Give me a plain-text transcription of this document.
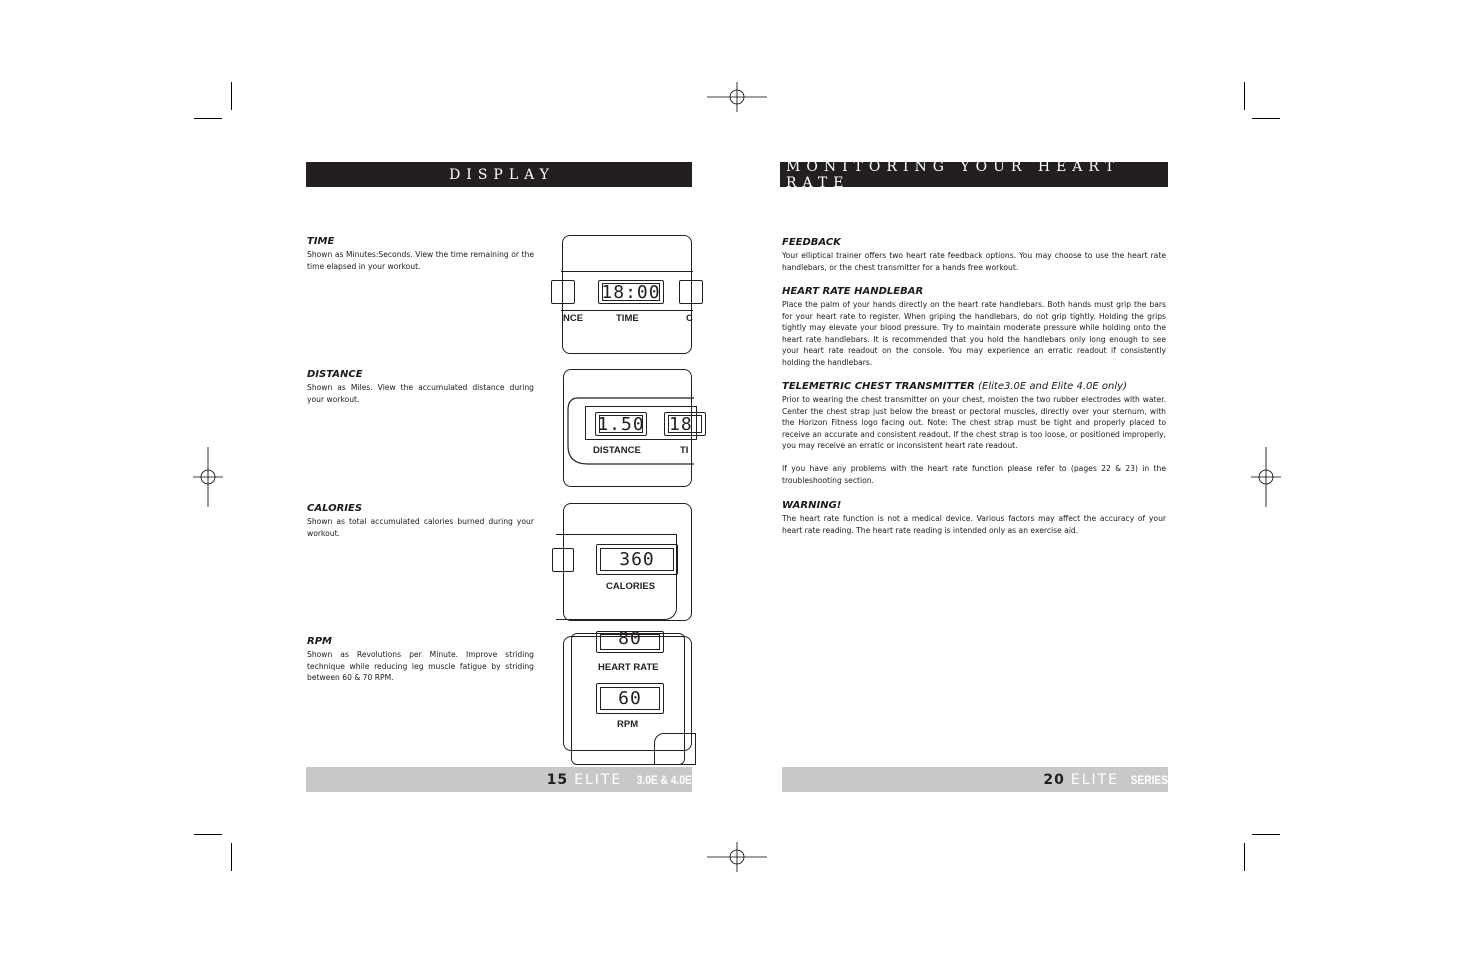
DISPLAY
TIME

Shown as Minutes:Seconds. View the time remaining or the time elapsed in your workout.

DISTANCE

Shown as Miles. View the accumulated distance during your workout.

CALORIES

Shown as total accumulated calories burned during your workout.

RPM

Shown as Revolutions per Minute. Improve striding technique while reducing leg muscle fatigue by striding between 60 & 70 RPM.

18:00
NCE	TIME	C
1.50 18
DISTANCE	TI
360
CALORIES
80
HEART RATE
60
RPM
15 ELITE 3.0E & 4.0E
MONITORING YOUR HEART RATE
FEEDBACK

Your elliptical trainer offers two heart rate feedback options. You may choose to use the heart rate handlebars, or the chest transmitter for a hands free workout.

HEART RATE HANDLEBAR

Place the palm of your hands directly on the heart rate handlebars. Both hands must grip the bars for your heart rate to register. When griping the handlebars, do not grip tightly. Holding the grips tightly may elevate your blood pressure. Try to maintain moderate pressure while holding onto the heart rate handlebars. It is recommended that you hold the handlebars only long enough to see your heart rate readout on the console. You may experience an erratic readout if consistently holding the handlebars.

TELEMETRIC CHEST TRANSMITTER (Elite3.0E and Elite 4.0E only)

Prior to wearing the chest transmitter on your chest, moisten the two rubber electrodes with water. Center the chest strap just below the breast or pectoral muscles, directly over your sternum, with the Horizon Fitness logo facing out. Note: The chest strap must be tight and properly placed to receive an accurate and consistent readout. If the chest strap is too loose, or positioned improperly, you may receive an erratic or inconsistent heart rate readout.

If you have any problems with the heart rate function please refer to (pages 22 & 23) in the troubleshooting section.

WARNING!

The heart rate function is not a medical device. Various factors may affect the accuracy of your heart rate reading. The heart rate reading is intended only as an exercise aid.

20 ELITE SERIES
